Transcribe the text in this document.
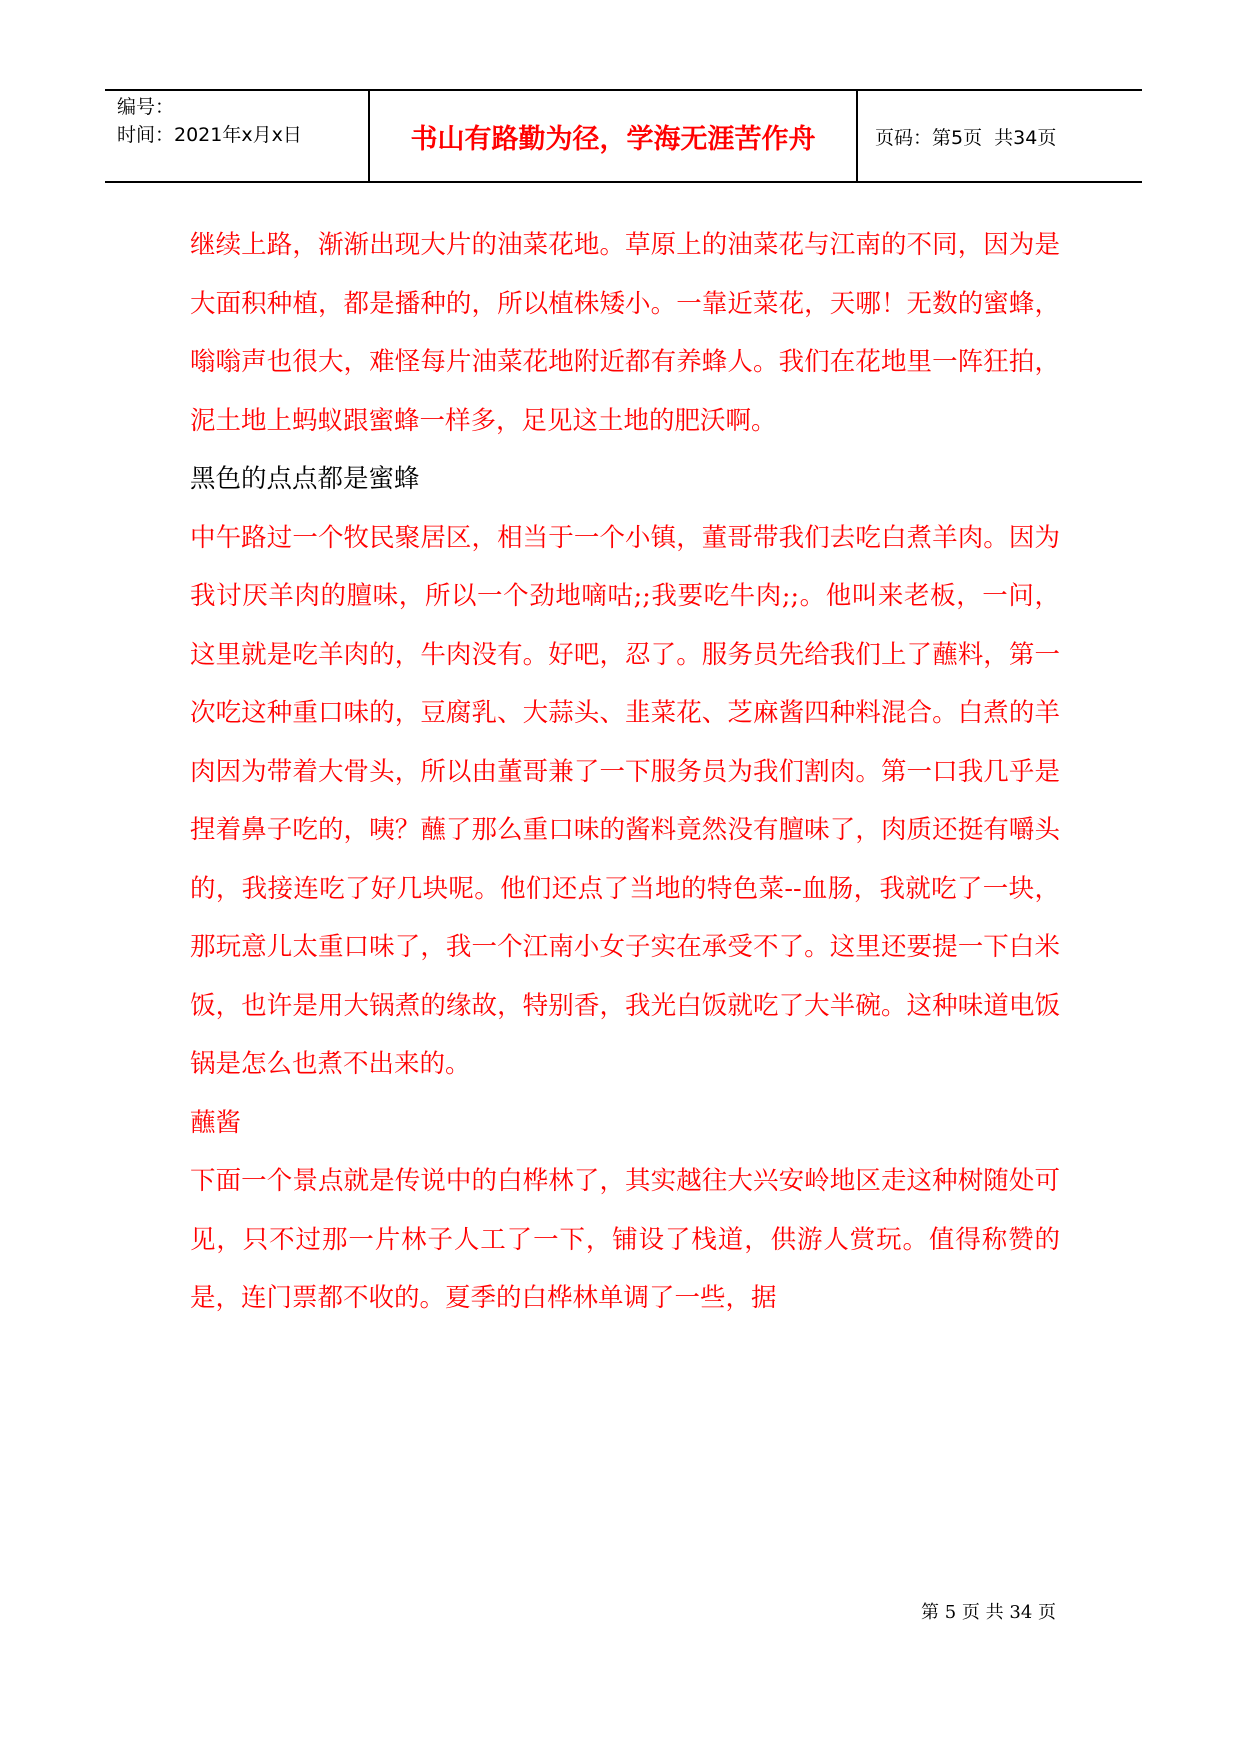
编号：
时间：2021年x月x日	书山有路勤为径，学海无涯苦作舟	页码：第5页  共34页

继续上路，渐渐出现大片的油菜花地。草原上的油菜花与江南的不同，因为是大面积种植，都是播种的，所以植株矮小。一靠近菜花，天哪！无数的蜜蜂，嗡嗡声也很大，难怪每片油菜花地附近都有养蜂人。我们在花地里一阵狂拍，泥土地上蚂蚁跟蜜蜂一样多，足见这土地的肥沃啊。

黑色的点点都是蜜蜂

中午路过一个牧民聚居区，相当于一个小镇，董哥带我们去吃白煮羊肉。因为我讨厌羊肉的膻味，所以一个劲地嘀咕;;我要吃牛肉;;。他叫来老板，一问，这里就是吃羊肉的，牛肉没有。好吧，忍了。服务员先给我们上了蘸料，第一次吃这种重口味的，豆腐乳、大蒜头、韭菜花、芝麻酱四种料混合。白煮的羊肉因为带着大骨头，所以由董哥兼了一下服务员为我们割肉。第一口我几乎是捏着鼻子吃的，咦？蘸了那么重口味的酱料竟然没有膻味了，肉质还挺有嚼头的，我接连吃了好几块呢。他们还点了当地的特色菜--血肠，我就吃了一块，那玩意儿太重口味了，我一个江南小女子实在承受不了。这里还要提一下白米饭，也许是用大锅煮的缘故，特别香，我光白饭就吃了大半碗。这种味道电饭锅是怎么也煮不出来的。

蘸酱

下面一个景点就是传说中的白桦林了，其实越往大兴安岭地区走这种树随处可见，只不过那一片林子人工了一下，铺设了栈道，供游人赏玩。值得称赞的是，连门票都不收的。夏季的白桦林单调了一些，据

第 5 页 共 34 页
